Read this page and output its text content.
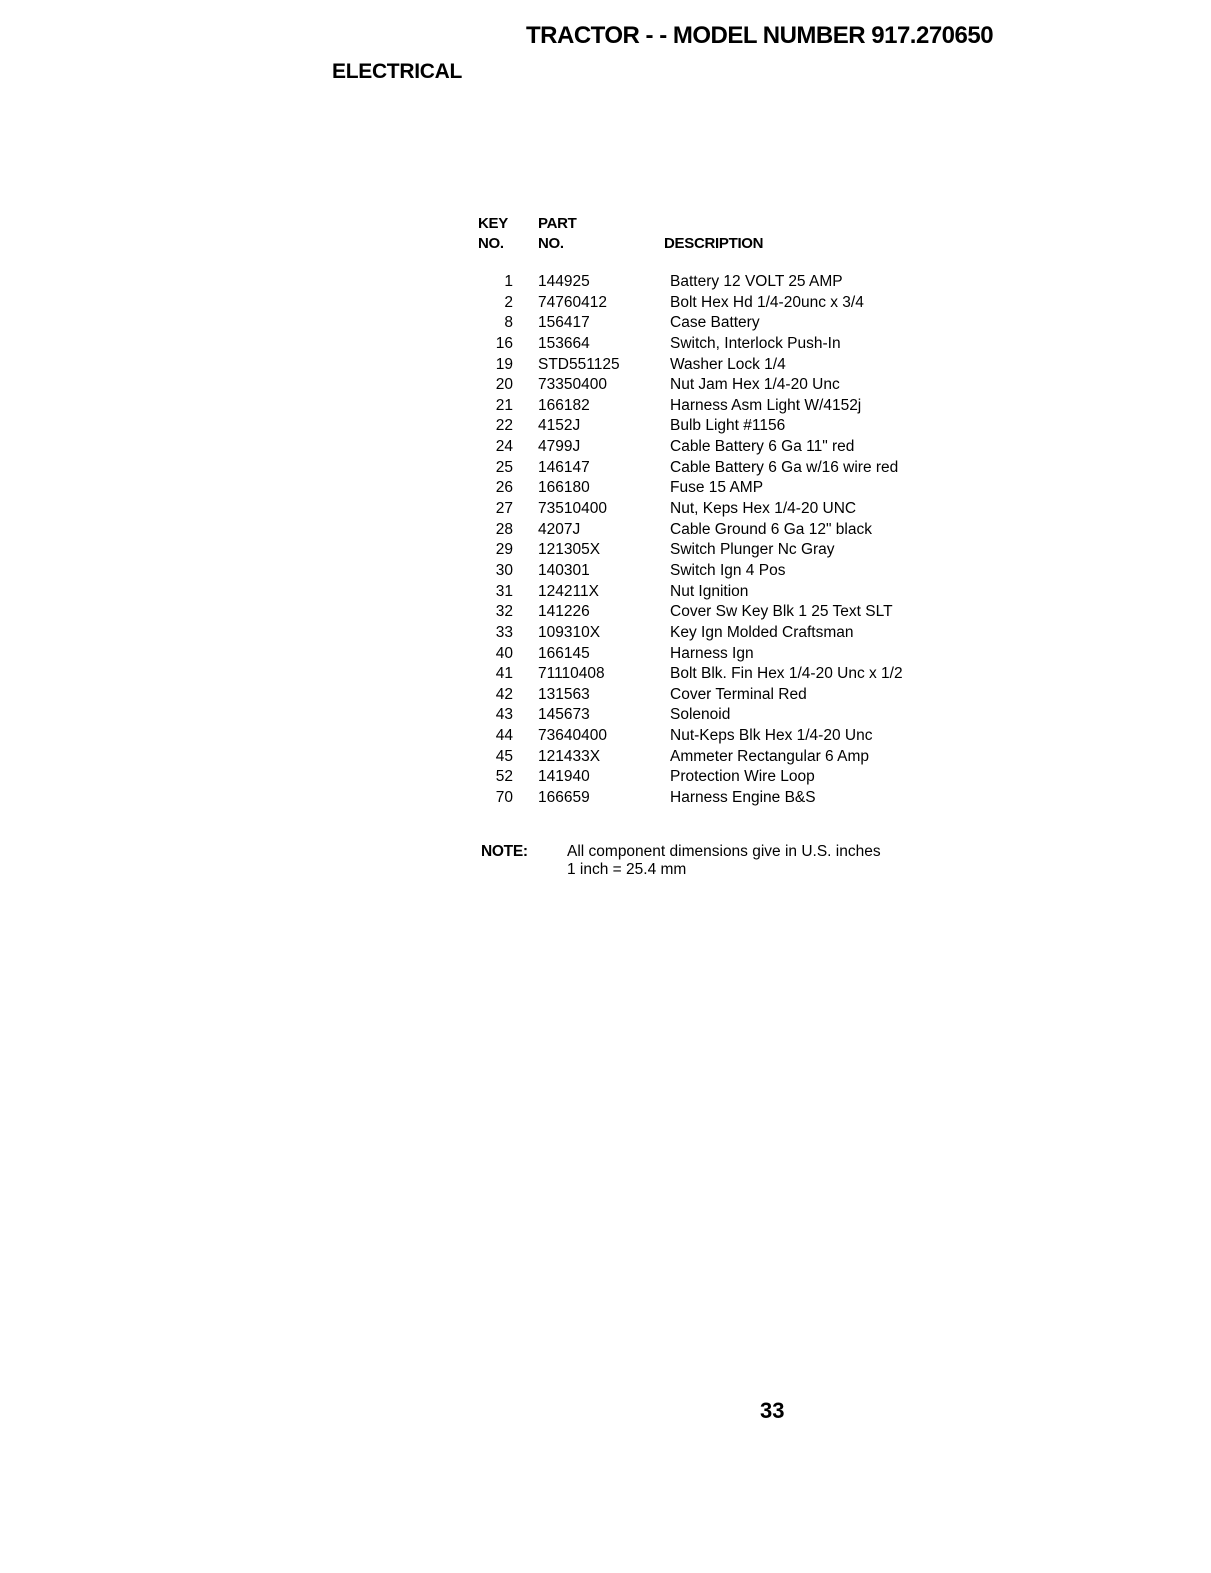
TRACTOR - - MODEL NUMBER 917.270650
ELECTRICAL
KEY
NO.
PART
NO.	DESCRIPTION
1 144925	Battery 12 VOLT 25 AMP
2 74760412	Bolt Hex Hd 1/4-20unc x 3/4
8 156417	Case Battery
16 153664	Switch, Interlock Push-In
19 STD551125	Washer Lock 1/4
20 73350400	Nut Jam Hex 1/4-20 Unc
21 166182	Harness Asm Light W/4152j
22 4152J	Bulb Light #1156
24 4799J	Cable Battery 6 Ga 11" red
25 146147	Cable Battery 6 Ga w/16 wire red
26 166180	Fuse 15 AMP
27 73510400	Nut, Keps Hex 1/4-20 UNC
28 4207J	Cable Ground 6 Ga 12" black
29 121305X	Switch Plunger Nc Gray
30 140301	Switch Ign 4 Pos
31 124211X	Nut Ignition
32 141226	Cover Sw Key Blk 1 25 Text SLT
33 109310X	Key Ign Molded Craftsman
40 166145	Harness Ign
41 71110408	Bolt Blk. Fin Hex 1/4-20 Unc x 1/2
42 131563	Cover Terminal Red
43 145673	Solenoid
44 73640400	Nut-Keps Blk Hex 1/4-20 Unc
45 121433X	Ammeter Rectangular 6 Amp
52 141940	Protection Wire Loop
70 166659	Harness Engine B&S
NOTE:	All component dimensions give in U.S. inches
1 inch = 25.4 mm
33
